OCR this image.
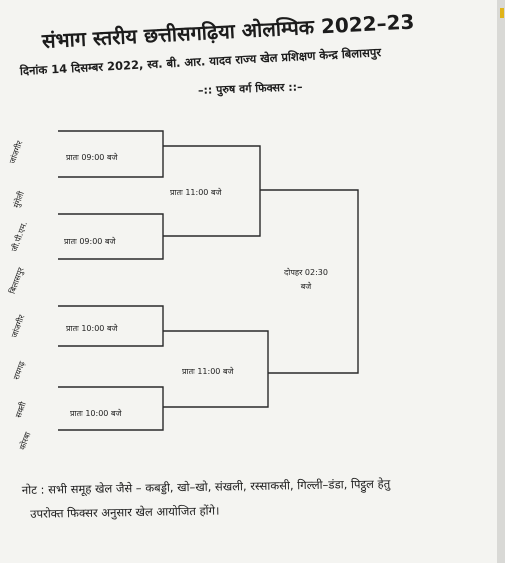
संभाग स्तरीय छत्तीसगढ़िया ओलम्पिक 2022–23
दिनांक 14 दिसम्बर 2022, स्व. बी. आर. यादव राज्य खेल प्रशिक्षण केन्द्र बिलासपुर
–:: पुरुष वर्ग फिक्सर ::–
जांजगीर
मुंगेली
जी.पी.एम.
बिलासपुर
जांजगीर
रायगढ़
सक्ती
कोरबा
प्रातः 09:00 बजे
प्रातः 09:00 बजे
प्रातः 10:00 बजे
प्रातः 10:00 बजे
प्रातः 11:00 बजे
प्रातः 11:00 बजे
दोपहर 02:30
बजे
नोट : सभी समूह खेल जैसे – कबड्डी, खो–खो, संखली, रस्साकसी, गिल्ली–डंडा, पिट्ठुल हेतु
उपरोक्त फिक्सर अनुसार खेल आयोजित होंगे।
